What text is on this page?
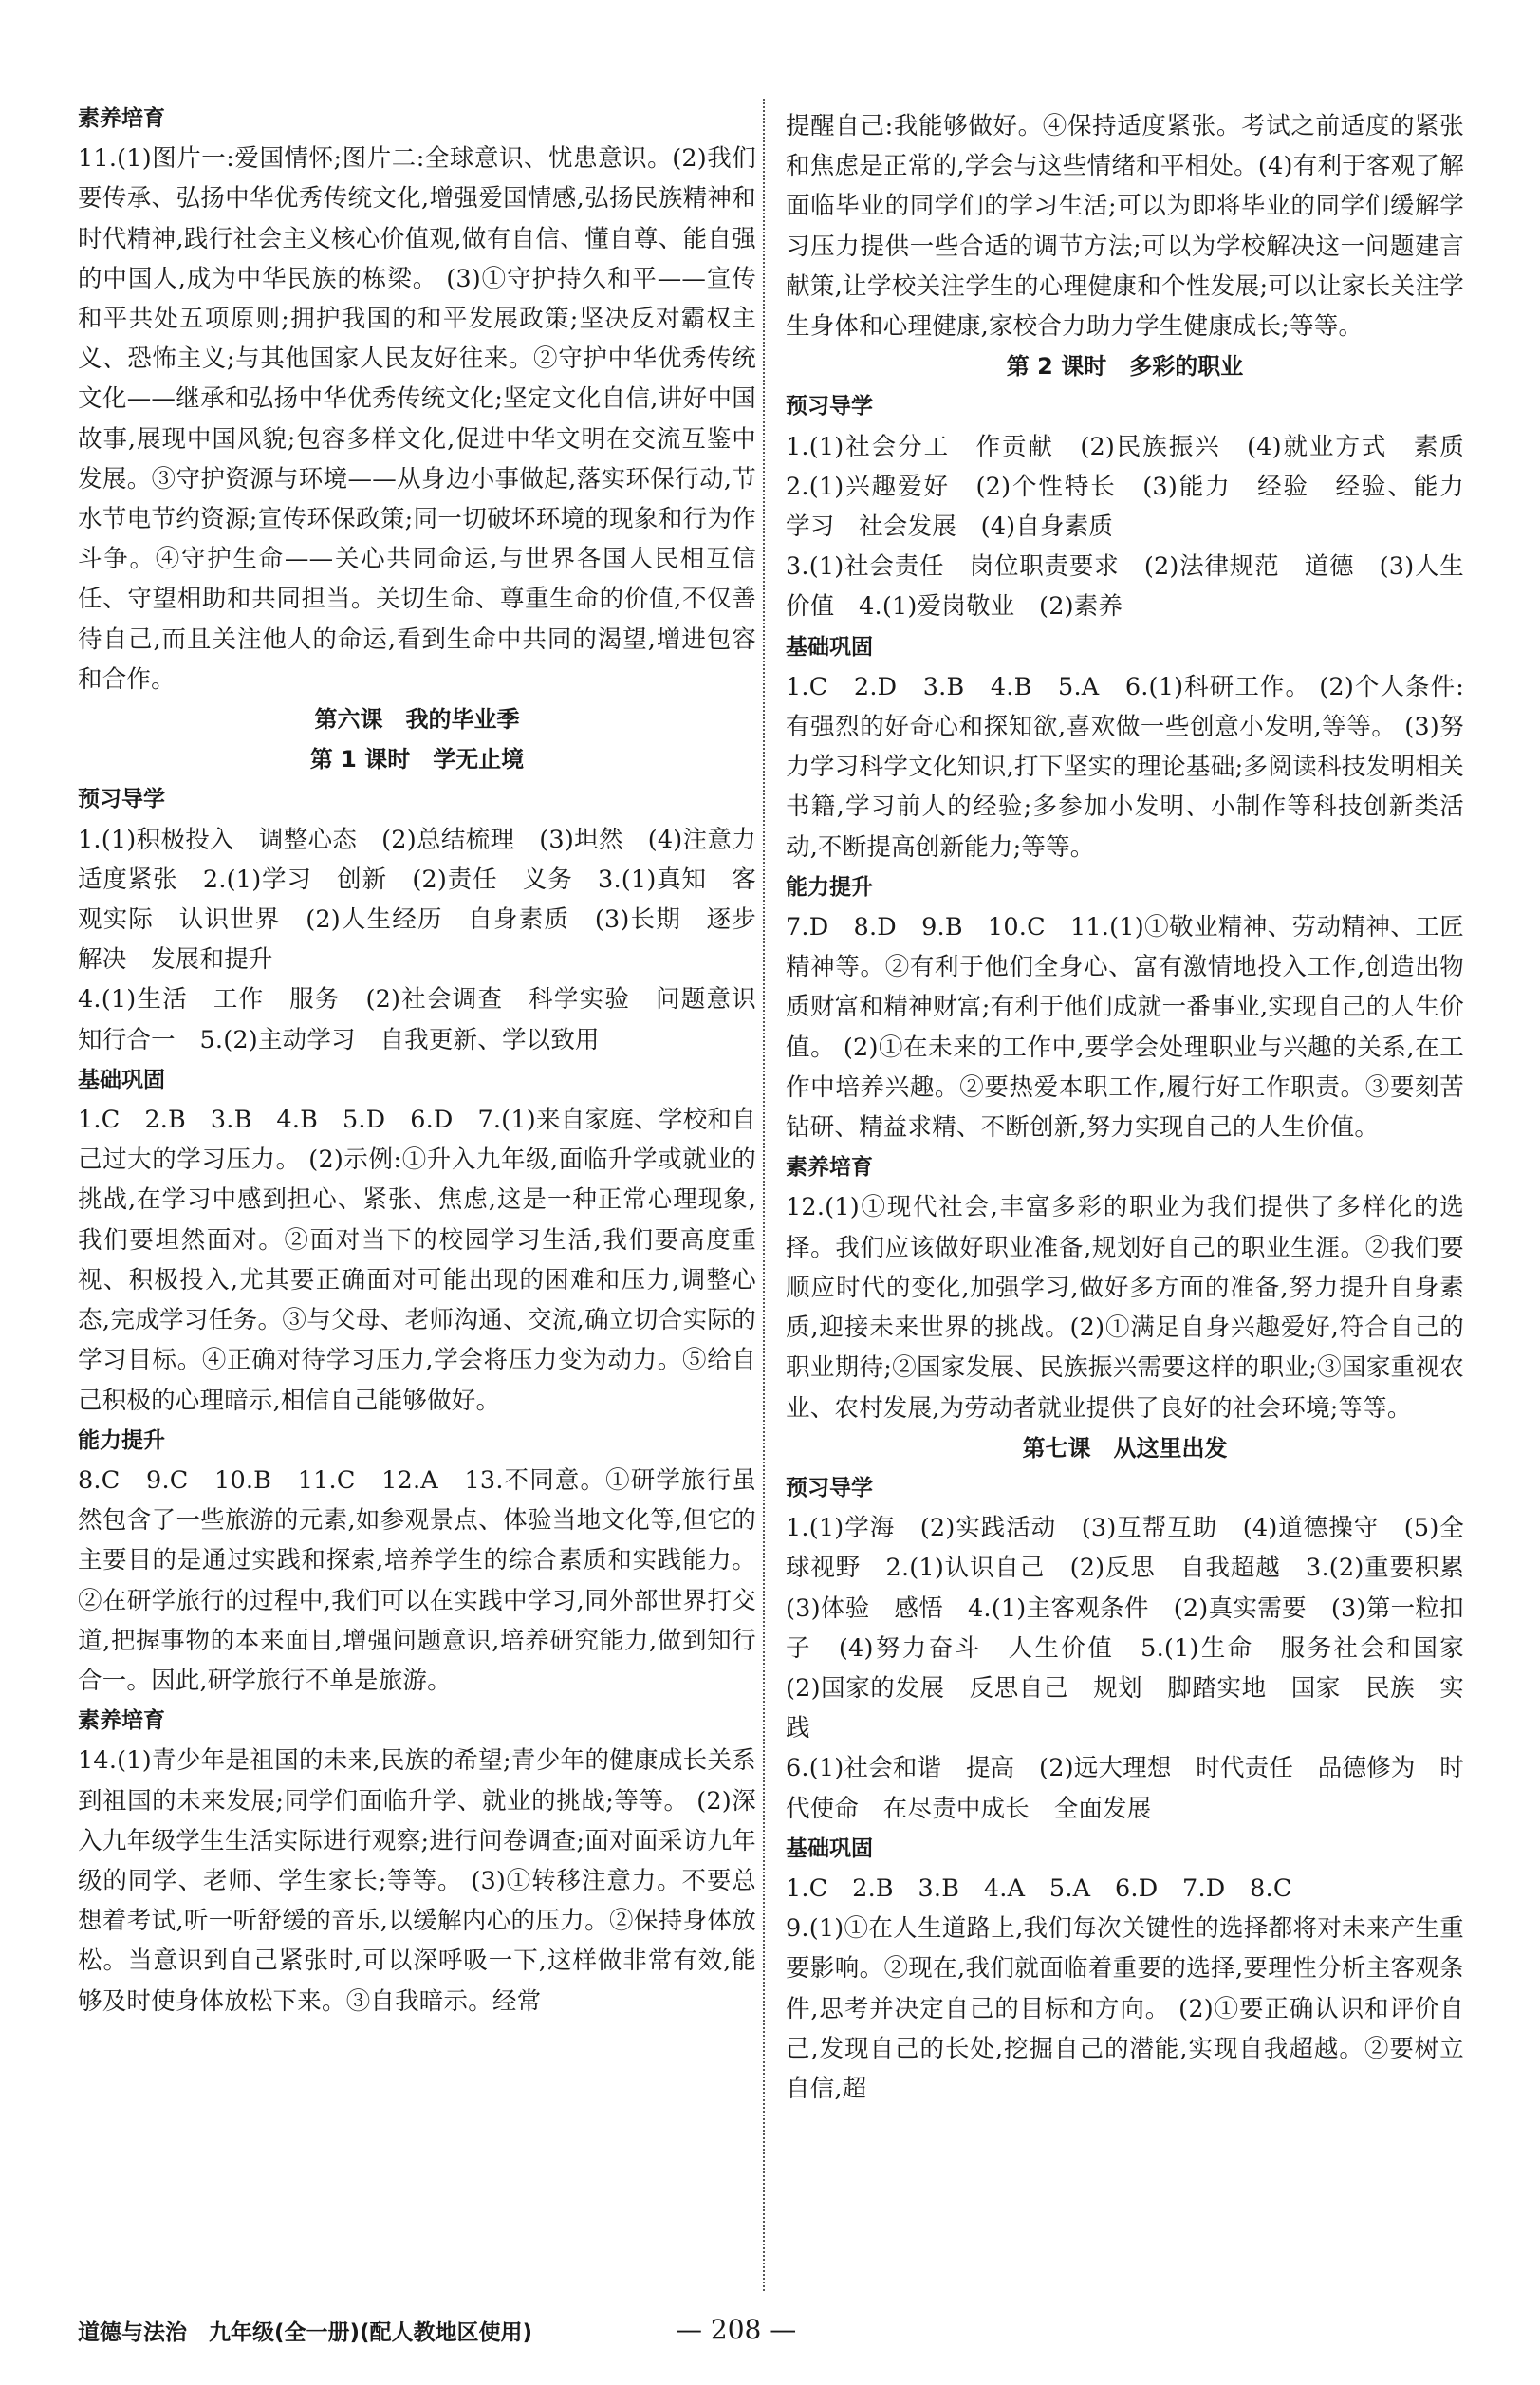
素养培育
11.(1)图片一:爱国情怀;图片二:全球意识、忧患意识。(2)我们要传承、弘扬中华优秀传统文化,增强爱国情感,弘扬民族精神和时代精神,践行社会主义核心价值观,做有自信、懂自尊、能自强的中国人,成为中华民族的栋梁。 (3)①守护持久和平——宣传和平共处五项原则;拥护我国的和平发展政策;坚决反对霸权主义、恐怖主义;与其他国家人民友好往来。②守护中华优秀传统文化——继承和弘扬中华优秀传统文化;坚定文化自信,讲好中国故事,展现中国风貌;包容多样文化,促进中华文明在交流互鉴中发展。③守护资源与环境——从身边小事做起,落实环保行动,节水节电节约资源;宣传环保政策;同一切破坏环境的现象和行为作斗争。④守护生命——关心共同命运,与世界各国人民相互信任、守望相助和共同担当。关切生命、尊重生命的价值,不仅善待自己,而且关注他人的命运,看到生命中共同的渴望,增进包容和合作。
第六课　我的毕业季
第 1 课时　学无止境
预习导学
1.(1)积极投入　调整心态　(2)总结梳理　(3)坦然　(4)注意力　适度紧张　2.(1)学习　创新　(2)责任　义务　3.(1)真知　客观实际　认识世界　(2)人生经历　自身素质　(3)长期　逐步解决　发展和提升
4.(1)生活　工作　服务　(2)社会调查　科学实验　问题意识　知行合一　5.(2)主动学习　自我更新、学以致用
基础巩固
1.C　2.B　3.B　4.B　5.D　6.D　7.(1)来自家庭、学校和自己过大的学习压力。 (2)示例:①升入九年级,面临升学或就业的挑战,在学习中感到担心、紧张、焦虑,这是一种正常心理现象,我们要坦然面对。②面对当下的校园学习生活,我们要高度重视、积极投入,尤其要正确面对可能出现的困难和压力,调整心态,完成学习任务。③与父母、老师沟通、交流,确立切合实际的学习目标。④正确对待学习压力,学会将压力变为动力。⑤给自己积极的心理暗示,相信自己能够做好。
能力提升
8.C　9.C　10.B　11.C　12.A　13.不同意。①研学旅行虽然包含了一些旅游的元素,如参观景点、体验当地文化等,但它的主要目的是通过实践和探索,培养学生的综合素质和实践能力。②在研学旅行的过程中,我们可以在实践中学习,同外部世界打交道,把握事物的本来面目,增强问题意识,培养研究能力,做到知行合一。因此,研学旅行不单是旅游。
素养培育
14.(1)青少年是祖国的未来,民族的希望;青少年的健康成长关系到祖国的未来发展;同学们面临升学、就业的挑战;等等。 (2)深入九年级学生生活实际进行观察;进行问卷调查;面对面采访九年级的同学、老师、学生家长;等等。 (3)①转移注意力。不要总想着考试,听一听舒缓的音乐,以缓解内心的压力。②保持身体放松。当意识到自己紧张时,可以深呼吸一下,这样做非常有效,能够及时使身体放松下来。③自我暗示。经常
提醒自己:我能够做好。④保持适度紧张。考试之前适度的紧张和焦虑是正常的,学会与这些情绪和平相处。(4)有利于客观了解面临毕业的同学们的学习生活;可以为即将毕业的同学们缓解学习压力提供一些合适的调节方法;可以为学校解决这一问题建言献策,让学校关注学生的心理健康和个性发展;可以让家长关注学生身体和心理健康,家校合力助力学生健康成长;等等。
第 2 课时　多彩的职业
预习导学
1.(1)社会分工　作贡献　(2)民族振兴　(4)就业方式　素质　2.(1)兴趣爱好　(2)个性特长　(3)能力　经验　经验、能力　学习　社会发展　(4)自身素质
3.(1)社会责任　岗位职责要求　(2)法律规范　道德　(3)人生价值　4.(1)爱岗敬业　(2)素养
基础巩固
1.C　2.D　3.B　4.B　5.A　6.(1)科研工作。 (2)个人条件:有强烈的好奇心和探知欲,喜欢做一些创意小发明,等等。 (3)努力学习科学文化知识,打下坚实的理论基础;多阅读科技发明相关书籍,学习前人的经验;多参加小发明、小制作等科技创新类活动,不断提高创新能力;等等。
能力提升
7.D　8.D　9.B　10.C　11.(1)①敬业精神、劳动精神、工匠精神等。②有利于他们全身心、富有激情地投入工作,创造出物质财富和精神财富;有利于他们成就一番事业,实现自己的人生价值。 (2)①在未来的工作中,要学会处理职业与兴趣的关系,在工作中培养兴趣。②要热爱本职工作,履行好工作职责。③要刻苦钻研、精益求精、不断创新,努力实现自己的人生价值。
素养培育
12.(1)①现代社会,丰富多彩的职业为我们提供了多样化的选择。我们应该做好职业准备,规划好自己的职业生涯。②我们要顺应时代的变化,加强学习,做好多方面的准备,努力提升自身素质,迎接未来世界的挑战。(2)①满足自身兴趣爱好,符合自己的职业期待;②国家发展、民族振兴需要这样的职业;③国家重视农业、农村发展,为劳动者就业提供了良好的社会环境;等等。
第七课　从这里出发
预习导学
1.(1)学海　(2)实践活动　(3)互帮互助　(4)道德操守　(5)全球视野　2.(1)认识自己　(2)反思　自我超越　3.(2)重要积累　(3)体验　感悟　4.(1)主客观条件　(2)真实需要　(3)第一粒扣子　(4)努力奋斗　人生价值　5.(1)生命　服务社会和国家　(2)国家的发展　反思自己　规划　脚踏实地　国家　民族　实践
6.(1)社会和谐　提高　(2)远大理想　时代责任　品德修为　时代使命　在尽责中成长　全面发展
基础巩固
1.C　2.B　3.B　4.A　5.A　6.D　7.D　8.C
9.(1)①在人生道路上,我们每次关键性的选择都将对未来产生重要影响。②现在,我们就面临着重要的选择,要理性分析主客观条件,思考并决定自己的目标和方向。 (2)①要正确认识和评价自己,发现自己的长处,挖掘自己的潜能,实现自我超越。②要树立自信,超
道德与法治　九年级(全一册)(配人教地区使用)	— 208 —
